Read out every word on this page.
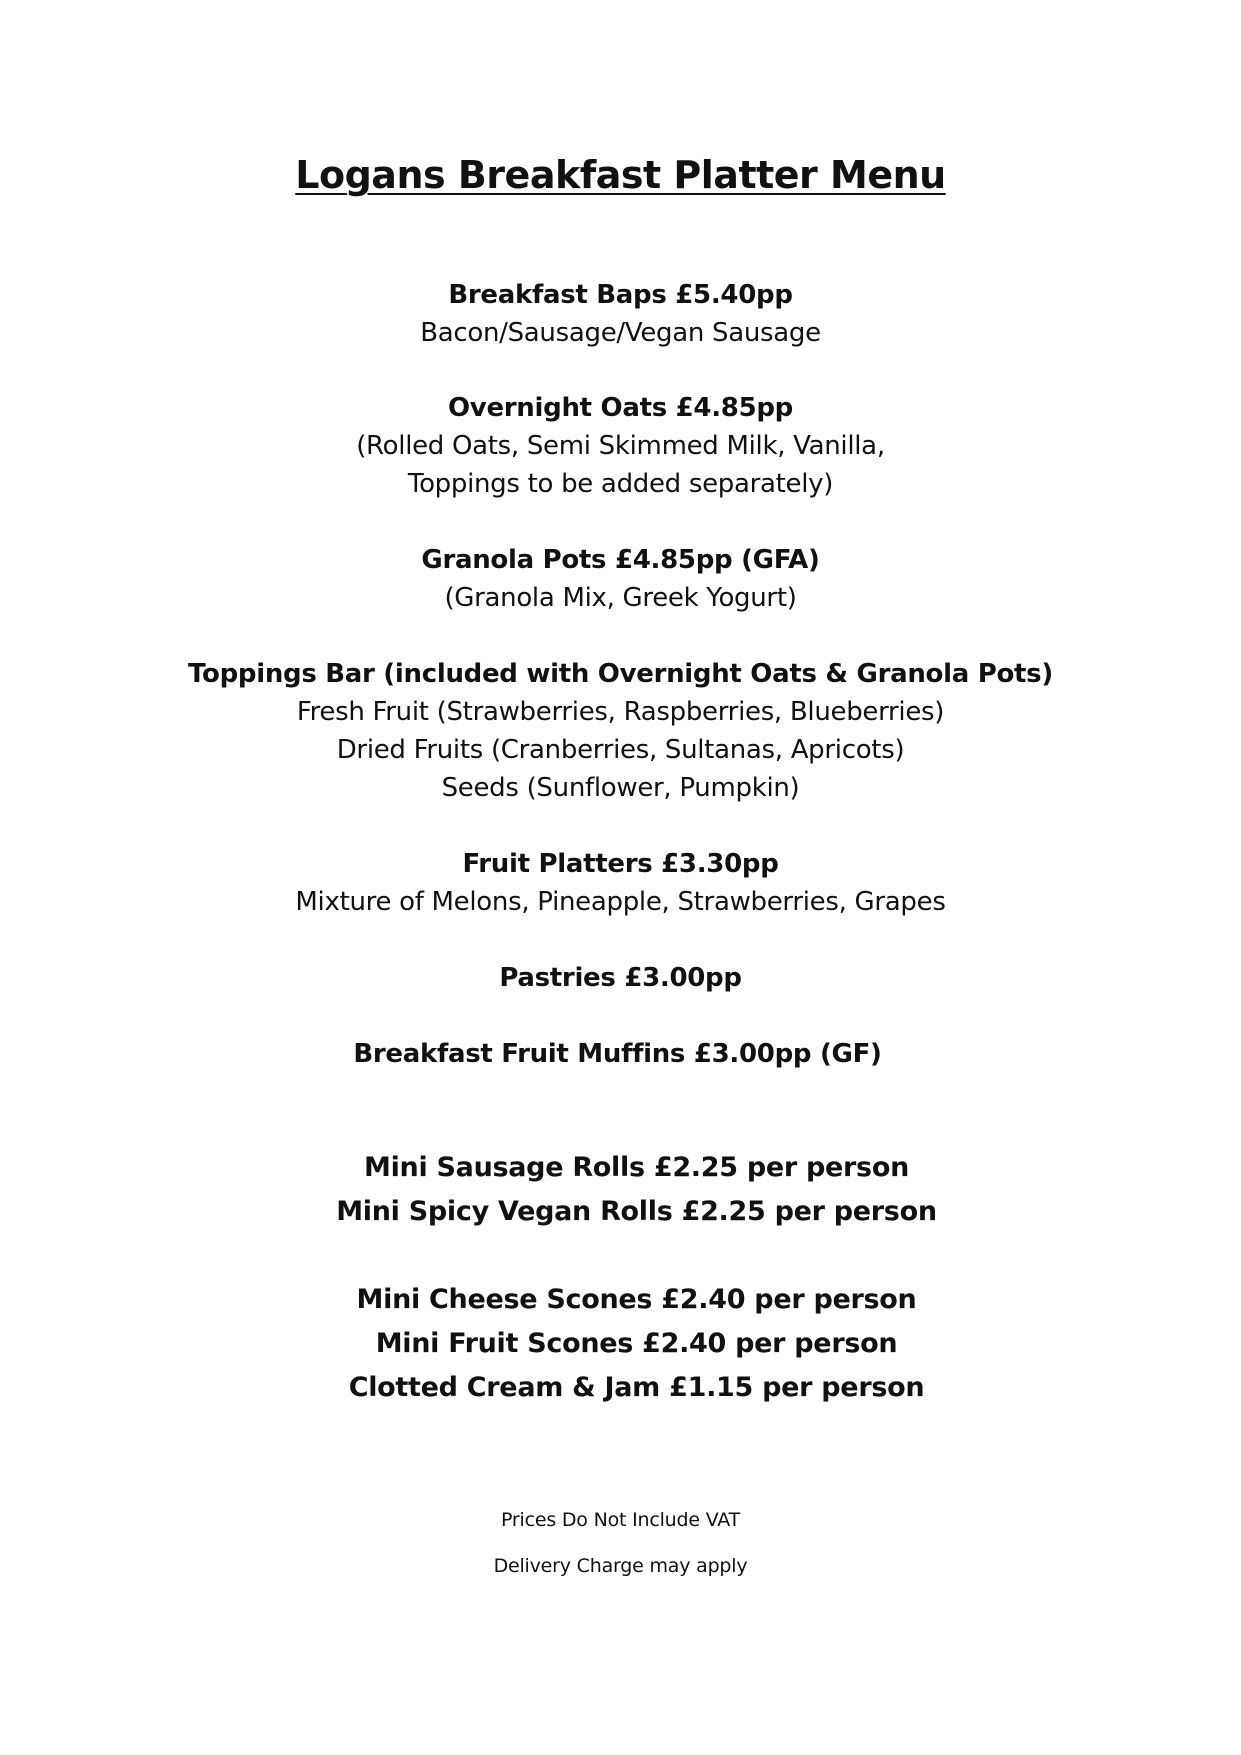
Logans Breakfast Platter Menu
Breakfast Baps £5.40pp
Bacon/Sausage/Vegan Sausage
Overnight Oats £4.85pp
(Rolled Oats, Semi Skimmed Milk, Vanilla,
Toppings to be added separately)
Granola Pots £4.85pp (GFA)
(Granola Mix, Greek Yogurt)
Toppings Bar (included with Overnight Oats & Granola Pots)
Fresh Fruit (Strawberries, Raspberries, Blueberries)
Dried Fruits (Cranberries, Sultanas, Apricots)
Seeds (Sunflower, Pumpkin)
Fruit Platters £3.30pp
Mixture of Melons, Pineapple, Strawberries, Grapes
Pastries £3.00pp
Breakfast Fruit Muffins £3.00pp (GF)
Mini Sausage Rolls £2.25 per person
Mini Spicy Vegan Rolls £2.25 per person
Mini Cheese Scones £2.40 per person
Mini Fruit Scones £2.40 per person
Clotted Cream & Jam £1.15 per person
Prices Do Not Include VAT
Delivery Charge may apply
